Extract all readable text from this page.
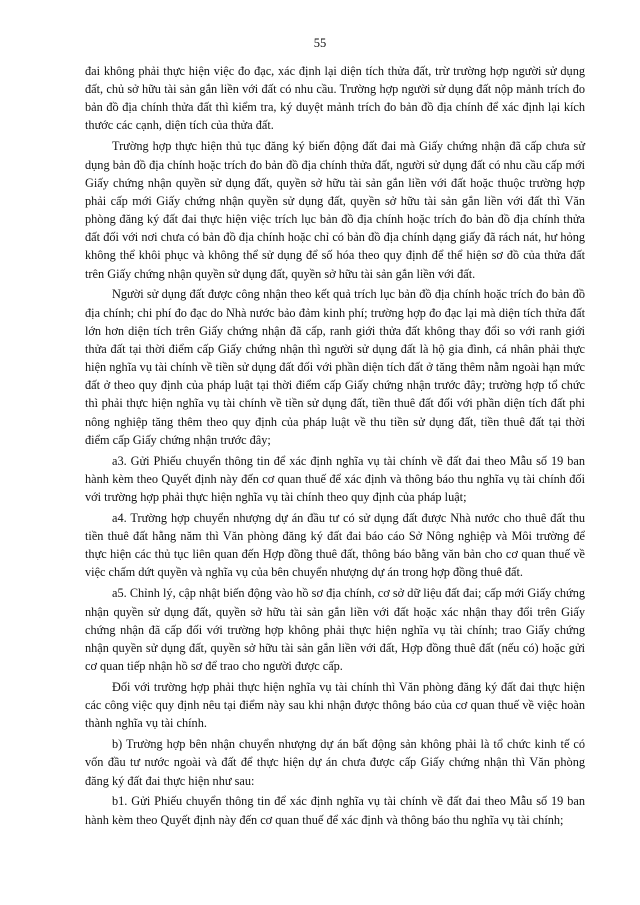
55

đai không phải thực hiện việc đo đạc, xác định lại diện tích thửa đất, trừ trường hợp người sử dụng đất, chủ sở hữu tài sản gắn liền với đất có nhu cầu. Trường hợp người sử dụng đất nộp mảnh trích đo bản đồ địa chính thửa đất thì kiểm tra, ký duyệt mảnh trích đo bản đồ địa chính để xác định lại kích thước các cạnh, diện tích của thửa đất.

Trường hợp thực hiện thủ tục đăng ký biến động đất đai mà Giấy chứng nhận đã cấp chưa sử dụng bản đồ địa chính hoặc trích đo bản đồ địa chính thửa đất, người sử dụng đất có nhu cầu cấp mới Giấy chứng nhận quyền sử dụng đất, quyền sở hữu tài sản gắn liền với đất hoặc thuộc trường hợp phải cấp mới Giấy chứng nhận quyền sử dụng đất, quyền sở hữu tài sản gắn liền với đất thì Văn phòng đăng ký đất đai thực hiện việc trích lục bản đồ địa chính hoặc trích đo bản đồ địa chính thửa đất đối với nơi chưa có bản đồ địa chính hoặc chỉ có bản đồ địa chính dạng giấy đã rách nát, hư hỏng không thể khôi phục và không thể sử dụng để số hóa theo quy định để thể hiện sơ đồ của thửa đất trên Giấy chứng nhận quyền sử dụng đất, quyền sở hữu tài sản gắn liền với đất.

Người sử dụng đất được công nhận theo kết quả trích lục bản đồ địa chính hoặc trích đo bản đồ địa chính; chi phí đo đạc do Nhà nước bảo đảm kinh phí; trường hợp đo đạc lại mà diện tích thửa đất lớn hơn diện tích trên Giấy chứng nhận đã cấp, ranh giới thửa đất không thay đổi so với ranh giới thửa đất tại thời điểm cấp Giấy chứng nhận thì người sử dụng đất là hộ gia đình, cá nhân phải thực hiện nghĩa vụ tài chính về tiền sử dụng đất đối với phần diện tích đất ở tăng thêm nằm ngoài hạn mức đất ở theo quy định của pháp luật tại thời điểm cấp Giấy chứng nhận trước đây; trường hợp tổ chức thì phải thực hiện nghĩa vụ tài chính về tiền sử dụng đất, tiền thuê đất đối với phần diện tích đất phi nông nghiệp tăng thêm theo quy định của pháp luật về thu tiền sử dụng đất, tiền thuê đất tại thời điểm cấp Giấy chứng nhận trước đây;

a3. Gửi Phiếu chuyển thông tin để xác định nghĩa vụ tài chính về đất đai theo Mẫu số 19 ban hành kèm theo Quyết định này đến cơ quan thuế để xác định và thông báo thu nghĩa vụ tài chính đối với trường hợp phải thực hiện nghĩa vụ tài chính theo quy định của pháp luật;

a4. Trường hợp chuyển nhượng dự án đầu tư có sử dụng đất được Nhà nước cho thuê đất thu tiền thuê đất hằng năm thì Văn phòng đăng ký đất đai báo cáo Sở Nông nghiệp và Môi trường để thực hiện các thủ tục liên quan đến Hợp đồng thuê đất, thông báo bằng văn bản cho cơ quan thuế về việc chấm dứt quyền và nghĩa vụ của bên chuyển nhượng dự án trong hợp đồng thuê đất.

a5. Chỉnh lý, cập nhật biến động vào hồ sơ địa chính, cơ sở dữ liệu đất đai; cấp mới Giấy chứng nhận quyền sử dụng đất, quyền sở hữu tài sản gắn liền với đất hoặc xác nhận thay đổi trên Giấy chứng nhận đã cấp đối với trường hợp không phải thực hiện nghĩa vụ tài chính; trao Giấy chứng nhận quyền sử dụng đất, quyền sở hữu tài sản gắn liền với đất, Hợp đồng thuê đất (nếu có) hoặc gửi cơ quan tiếp nhận hồ sơ để trao cho người được cấp.

Đối với trường hợp phải thực hiện nghĩa vụ tài chính thì Văn phòng đăng ký đất đai thực hiện các công việc quy định nêu tại điểm này sau khi nhận được thông báo của cơ quan thuế về việc hoàn thành nghĩa vụ tài chính.

b) Trường hợp bên nhận chuyển nhượng dự án bất động sản không phải là tổ chức kinh tế có vốn đầu tư nước ngoài và đất để thực hiện dự án chưa được cấp Giấy chứng nhận thì Văn phòng đăng ký đất đai thực hiện như sau:

b1. Gửi Phiếu chuyển thông tin để xác định nghĩa vụ tài chính về đất đai theo Mẫu số 19 ban hành kèm theo Quyết định này đến cơ quan thuế để xác định và thông báo thu nghĩa vụ tài chính;
